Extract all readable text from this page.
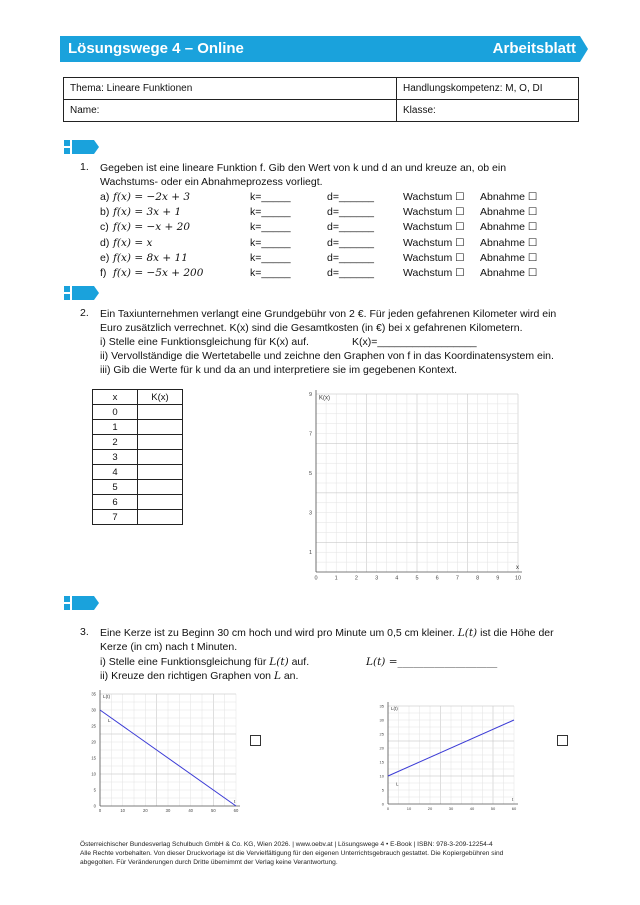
Lösungswege 4 – Online	Arbeitsblatt
Thema: Lineare Funktionen	Handlungskompetenz: M, O, DI
Name:	Klasse:
1. Gegeben ist eine lineare Funktion f. Gib den Wert von k und d an und kreuze an, ob ein
Wachstums- oder ein Abnahmeprozess vorliegt.
a) f(x) = −2x + 3	k=_____	d=______	Wachstum ☐ Abnahme ☐
b) f(x) = 3x + 1	k=_____	d=______	Wachstum ☐ Abnahme ☐
c) f(x) = −x + 20	k=_____	d=______	Wachstum ☐ Abnahme ☐
d) f(x) = x	k=_____	d=______	Wachstum ☐ Abnahme ☐
e) f(x) = 8x + 11	k=_____	d=______	Wachstum ☐ Abnahme ☐
f) f(x) = −5x + 200	k=_____	d=______	Wachstum ☐ Abnahme ☐
2. Ein Taxiunternehmen verlangt eine Grundgebühr von 2 €. Für jeden gefahrenen Kilometer wird ein
Euro zusätzlich verrechnet. K(x) sind die Gesamtkosten (in €) bei x gefahrenen Kilometern.
i) Stelle eine Funktionsgleichung für K(x) auf.	K(x)=_________________
ii) Vervollständige die Wertetabelle und zeichne den Graphen von f in das Koordinatensystem ein.
iii) Gib die Werte für k und da an und interpretiere sie im gegebenen Kontext.
x	K(x)
0	
1	
2	
3	
4	
5	
6	
7	
0	1	2	3	4	5	6	7	8	9	10
1
3
5
7
9
K(x)
x
3. Eine Kerze ist zu Beginn 30 cm hoch und wird pro Minute um 0,5 cm kleiner. L(t) ist die Höhe der
Kerze (in cm) nach t Minuten.
i) Stelle eine Funktionsgleichung für L(t) auf.	L(t) =___________________
ii) Kreuze den richtigen Graphen von L an.
0	10	20	30	40	50	60
0
5
10
15
20
25
30
35
L(t)
t
L
0	10	20	30	40	50	60
0
5
10
15
20
25
30
35
L(t)
t
L
Österreichischer Bundesverlag Schulbuch GmbH & Co. KG, Wien 2026. | www.oebv.at | Lösungswege 4 • E-Book | ISBN: 978-3-209-12254-4
Alle Rechte vorbehalten. Von dieser Druckvorlage ist die Vervielfältigung für den eigenen Unterrichtsgebrauch gestattet. Die Kopiergebühren sind
abgegolten. Für Veränderungen durch Dritte übernimmt der Verlag keine Verantwortung.
